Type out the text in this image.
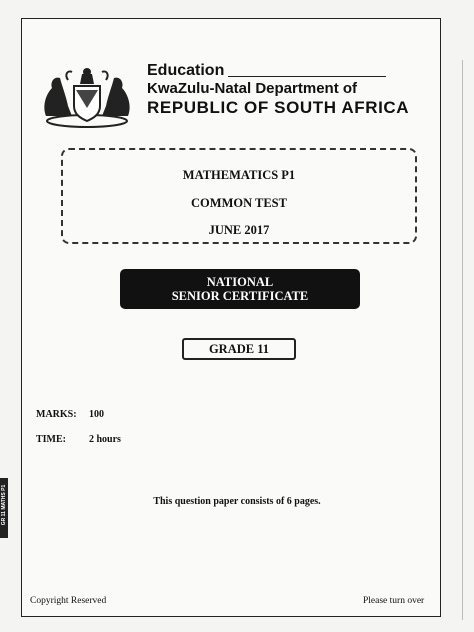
Education
KwaZulu-Natal Department of
REPUBLIC OF SOUTH AFRICA
MATHEMATICS P1
COMMON TEST
JUNE 2017
NATIONAL
SENIOR CERTIFICATE
GRADE 11
MARKS: 100
TIME: 2 hours
This question paper consists of 6 pages.
Copyright Reserved	Please turn over
GR 11 MATHS P1
